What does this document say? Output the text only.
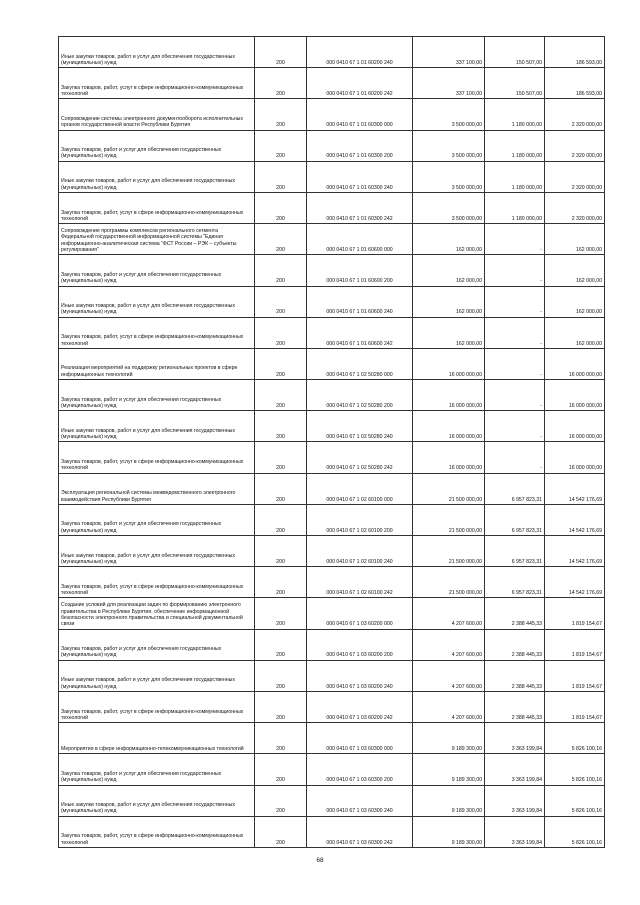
Иные закупки товаров, работ и услуг для обеспечения государственных (муниципальных) нужд	200	000 0410 67 1 01 60200 240	337 100,00	150 507,00	186 593,00
Закупка товаров, работ, услуг в сфере информационно-коммуникационных технологий	200	000 0410 67 1 01 60200 242	337 100,00	150 507,00	186 593,00
Сопровождение системы электронного документооборота исполнительных органов государственной власти Республики Бурятия	200	000 0410 67 1 01 60300 000	3 500 000,00	1 180 000,00	2 320 000,00
Закупка товаров, работ и услуг для обеспечения государственных (муниципальных) нужд	200	000 0410 67 1 01 60300 200	3 500 000,00	1 180 000,00	2 320 000,00
Иные закупки товаров, работ и услуг для обеспечения государственных (муниципальных) нужд	200	000 0410 67 1 01 60300 240	3 500 000,00	1 180 000,00	2 320 000,00
Закупка товаров, работ, услуг в сфере информационно-коммуникационных технологий	200	000 0410 67 1 01 60300 242	3 500 000,00	1 180 000,00	2 320 000,00
Сопровождение программы комплексов регионального сегмента Федеральной государственной информационной системы "Единая информационно-аналитическая система "ФСТ России – РЭК – субъекты регулирования"	200	000 0410 67 1 01 60600 000	162 000,00	-	162 000,00
Закупка товаров, работ и услуг для обеспечения государственных (муниципальных) нужд	200	000 0410 67 1 01 60600 200	162 000,00	-	162 000,00
Иные закупки товаров, работ и услуг для обеспечения государственных (муниципальных) нужд	200	000 0410 67 1 01 60600 240	162 000,00	-	162 000,00
Закупка товаров, работ, услуг в сфере информационно-коммуникационных технологий	200	000 0410 67 1 01 60600 242	162 000,00	-	162 000,00
Реализация мероприятий на поддержку региональных проектов в сфере информационных технологий	200	000 0410 67 1 02 50280 000	16 000 000,00	-	16 000 000,00
Закупка товаров, работ и услуг для обеспечения государственных (муниципальных) нужд	200	000 0410 67 1 02 50280 200	16 000 000,00	-	16 000 000,00
Иные закупки товаров, работ и услуг для обеспечения государственных (муниципальных) нужд	200	000 0410 67 1 02 50280 240	16 000 000,00	-	16 000 000,00
Закупка товаров, работ, услуг в сфере информационно-коммуникационных технологий	200	000 0410 67 1 02 50280 242	16 000 000,00	-	16 000 000,00
Эксплуатация региональной системы межведомственного электронного взаимодействия Республики Бурятия	200	000 0410 67 1 02 60100 000	21 500 000,00	6 957 823,31	14 542 176,69
Закупка товаров, работ и услуг для обеспечения государственных (муниципальных) нужд	200	000 0410 67 1 02 60100 200	21 500 000,00	6 957 823,31	14 542 176,69
Иные закупки товаров, работ и услуг для обеспечения государственных (муниципальных) нужд	200	000 0410 67 1 02 60100 240	21 500 000,00	6 957 823,31	14 542 176,69
Закупка товаров, работ, услуг в сфере информационно-коммуникационных технологий	200	000 0410 67 1 02 60100 242	21 500 000,00	6 957 823,31	14 542 176,69
Создание условий для реализации задач по формированию электронного правительства в Республике Бурятия, обеспечение информационной безопасности электронного правительства и специальной документальной связи	200	000 0410 67 1 03 60200 000	4 207 600,00	2 388 445,33	1 819 154,67
Закупка товаров, работ и услуг для обеспечения государственных (муниципальных) нужд	200	000 0410 67 1 03 60200 200	4 207 600,00	2 388 445,33	1 819 154,67
Иные закупки товаров, работ и услуг для обеспечения государственных (муниципальных) нужд	200	000 0410 67 1 03 60200 240	4 207 600,00	2 388 445,33	1 819 154,67
Закупка товаров, работ, услуг в сфере информационно-коммуникационных технологий	200	000 0410 67 1 03 60200 242	4 207 600,00	2 388 445,33	1 819 154,67
Мероприятия в сфере информационно-телекоммуникационных технологий	200	000 0410 67 1 03 60300 000	9 189 300,00	3 363 199,84	5 826 100,16
Закупка товаров, работ и услуг для обеспечения государственных (муниципальных) нужд	200	000 0410 67 1 03 60300 200	9 189 300,00	3 363 199,84	5 826 100,16
Иные закупки товаров, работ и услуг для обеспечения государственных (муниципальных) нужд	200	000 0410 67 1 03 60300 240	9 189 300,00	3 363 199,84	5 826 100,16
Закупка товаров, работ, услуг в сфере информационно-коммуникационных технологий	200	000 0410 67 1 03 60300 242	9 189 300,00	3 363 199,84	5 826 100,16
68
